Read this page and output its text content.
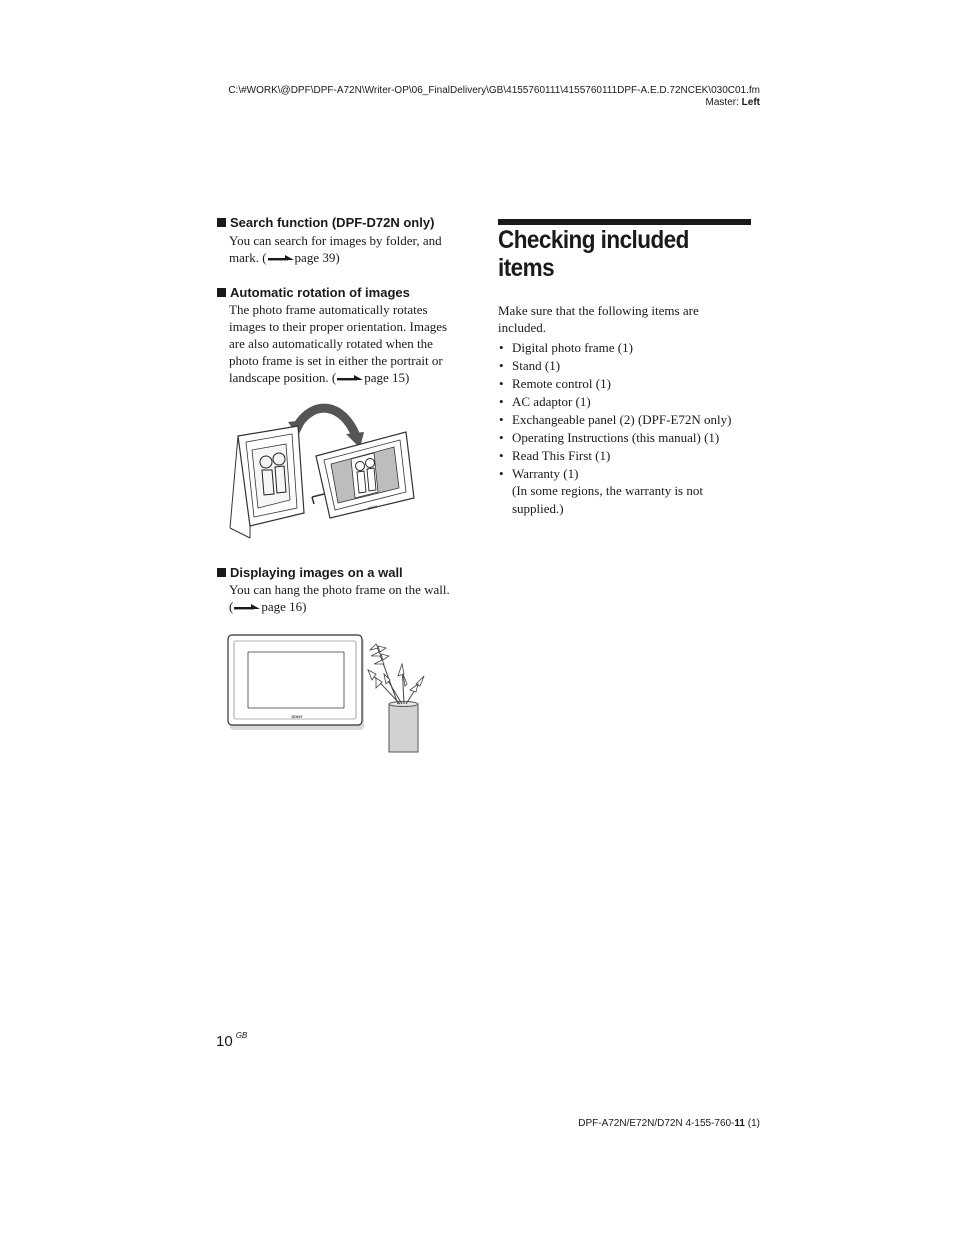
C:\#WORK\@DPF\DPF-A72N\Writer-OP\06_FinalDelivery\GB\4155760111\4155760111DPF-A.E.D.72NCEK\030C01.fm
Master: Left
Search function (DPF-D72N only)
You can search for images by folder, and
mark. ( page 39)
Automatic rotation of images
The photo frame automatically rotates
images to their proper orientation. Images
are also automatically rotated when the
photo frame is set in either the portrait or
landscape position. ( page 15)
SONY
Displaying images on a wall
You can hang the photo frame on the wall.
( page 16)
SONY
Checking included
items
Make sure that the following items are
included.
• Digital photo frame (1)
• Stand (1)
• Remote control (1)
• AC adaptor (1)
• Exchangeable panel (2) (DPF-E72N only)
• Operating Instructions (this manual) (1)
• Read This First (1)
• Warranty (1)
(In some regions, the warranty is not
supplied.)
10 $^{GB}$
DPF-A72N/E72N/D72N 4-155-760-11 (1)
